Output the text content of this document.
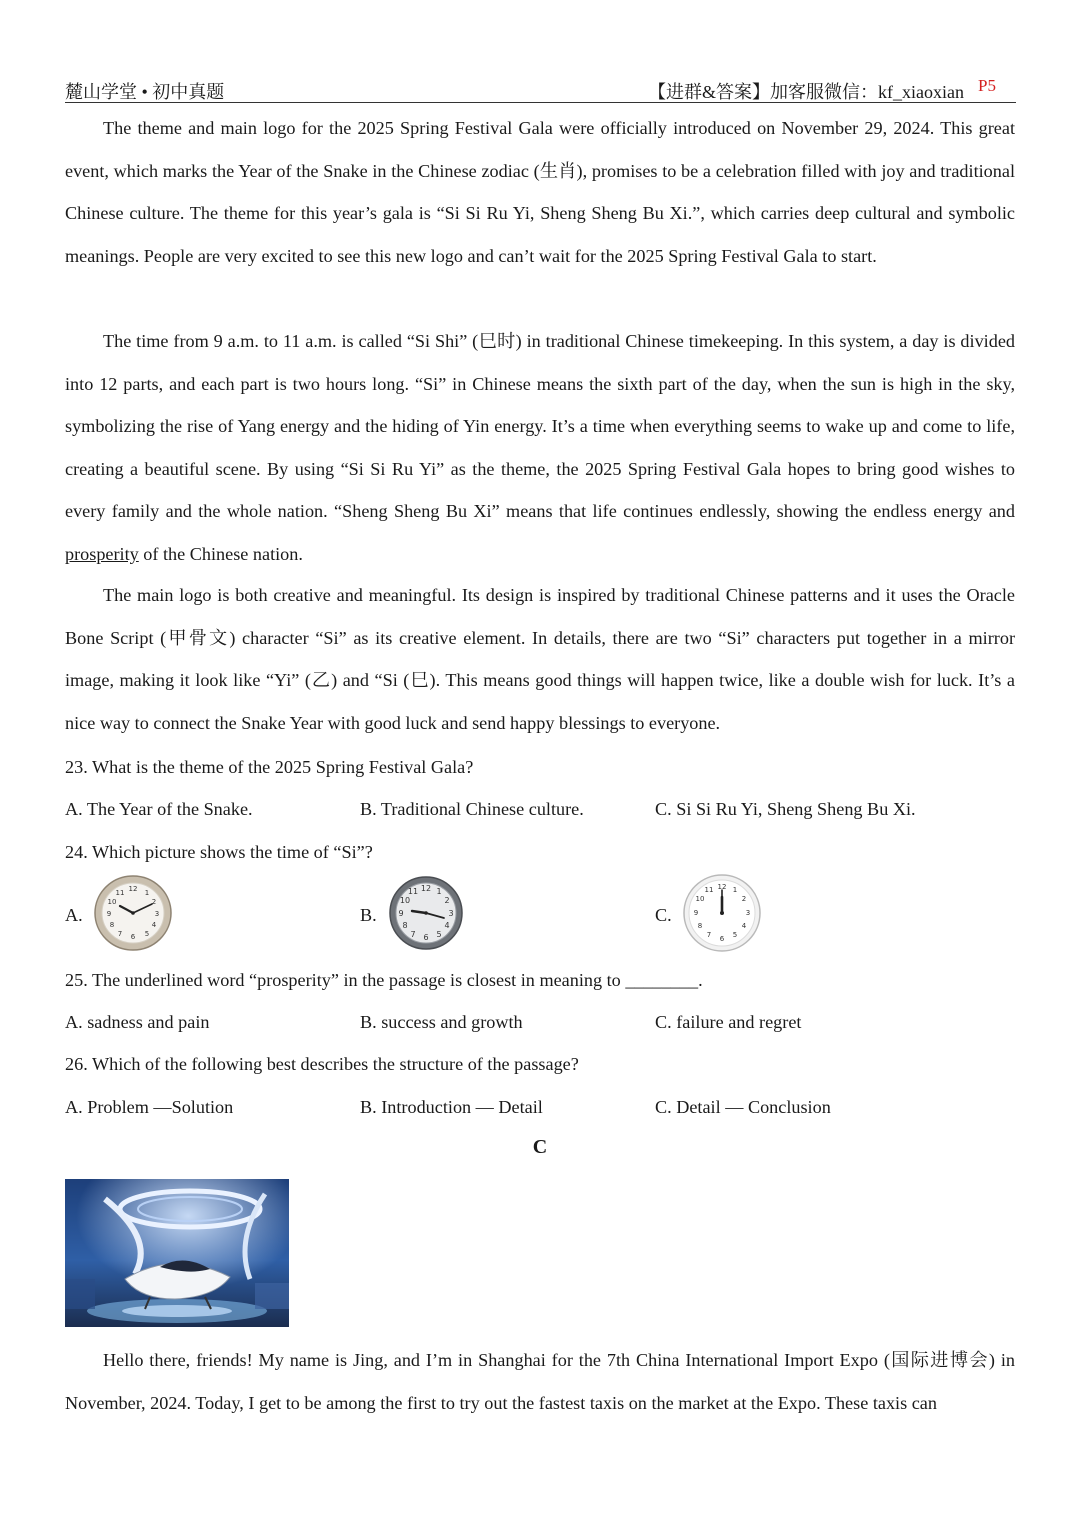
麓山学堂 • 初中真题	【进群&答案】加客服微信：kf_xiaoxian P5

The theme and main logo for the 2025 Spring Festival Gala were officially introduced on November 29, 2024. This great event, which marks the Year of the Snake in the Chinese zodiac (生肖), promises to be a celebration filled with joy and traditional Chinese culture. The theme for this year’s gala is “Si Si Ru Yi, Sheng Sheng Bu Xi.”, which carries deep cultural and symbolic meanings. People are very excited to see this new logo and can’t wait for the 2025 Spring Festival Gala to start.

The time from 9 a.m. to 11 a.m. is called “Si Shi” (巳时) in traditional Chinese timekeeping. In this system, a day is divided into 12 parts, and each part is two hours long. “Si” in Chinese means the sixth part of the day, when the sun is high in the sky, symbolizing the rise of Yang energy and the hiding of Yin energy. It’s a time when everything seems to wake up and come to life, creating a beautiful scene. By using “Si Si Ru Yi” as the theme, the 2025 Spring Festival Gala hopes to bring good wishes to every family and the whole nation. “Sheng Sheng Bu Xi” means that life continues endlessly, showing the endless energy and prosperity of the Chinese nation.

The main logo is both creative and meaningful. Its design is inspired by traditional Chinese patterns and it uses the Oracle Bone Script (甲骨文) character “Si” as its creative element. In details, there are two “Si” characters put together in a mirror image, making it look like “Yi” (乙) and “Si (巳). This means good things will happen twice, like a double wish for luck. It’s a nice way to connect the Snake Year with good luck and send happy blessings to everyone.

23. What is the theme of the 2025 Spring Festival Gala?
A. The Year of the Snake.	B. Traditional Chinese culture.	C. Si Si Ru Yi, Sheng Sheng Bu Xi.
24. Which picture shows the time of “Si”?
A.	B.	C.
12 1
2
3
4
5
6
7
8
9
10
11	12 1
2
3
4
5
6
7
8
9
10
11	12 1
2
3
4
5
6
7
8
9
10
11
25. The underlined word “prosperity” in the passage is closest in meaning to ________.
A. sadness and pain	B. success and growth	C. failure and regret
26. Which of the following best describes the structure of the passage?
A. Problem —Solution	B. Introduction — Detail	C. Detail — Conclusion
C

Hello there, friends! My name is Jing, and I’m in Shanghai for the 7th China International Import Expo (国际进博会) in November, 2024. Today, I get to be among the first to try out the fastest taxis on the market at the Expo. These taxis can
